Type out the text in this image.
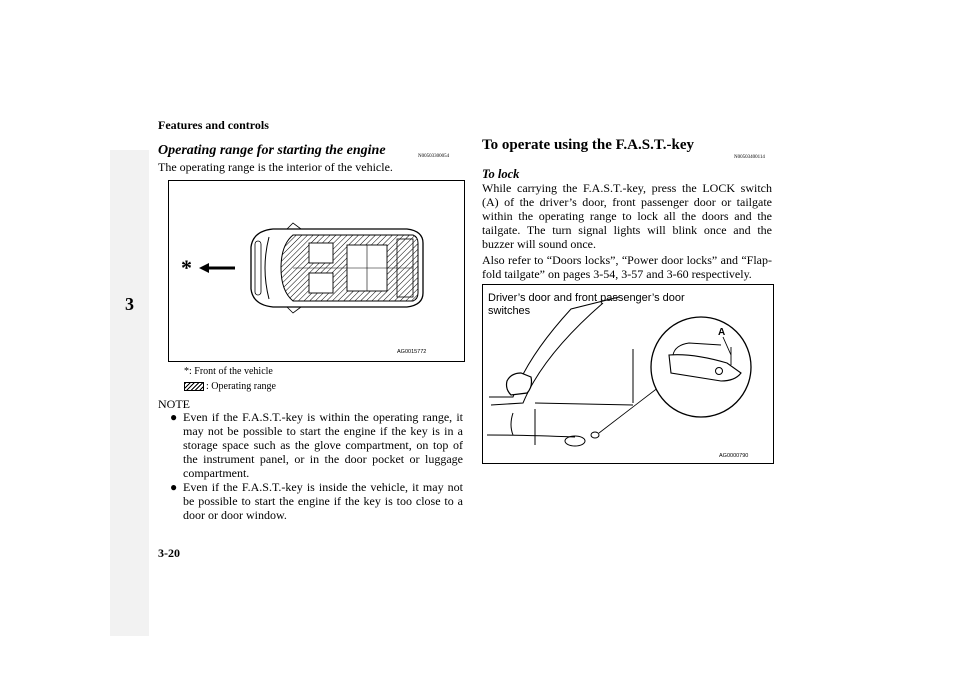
Features and controls
3
3-20
Operating range for starting the engine	N00503300054
The operating range is the interior of the vehicle.
*
AG0015772
*: Front of the vehicle
: Operating range
NOTE
● Even if the F.A.S.T.-key is within the operating range, it may not be possible to start the engine if the key is in a storage space such as the glove compartment, on top of the instrument panel, or in the door pocket or luggage compartment.
● Even if the F.A.S.T.-key is inside the vehicle, it may not be possible to start the engine if the key is too close to a door or door window.
To operate using the F.A.S.T.-key
N00503400114
To lock
While carrying the F.A.S.T.-key, press the LOCK switch (A) of the driver’s door, front passenger door or tailgate within the operating range to lock all the doors and the tailgate. The turn signal lights will blink once and the buzzer will sound once.
Also refer to “Doors locks”, “Power door locks” and “Flap-fold tailgate” on pages 3-54, 3-57 and 3-60 respectively.
A
AG0000790
Driver’s door and front passenger’s door switches
